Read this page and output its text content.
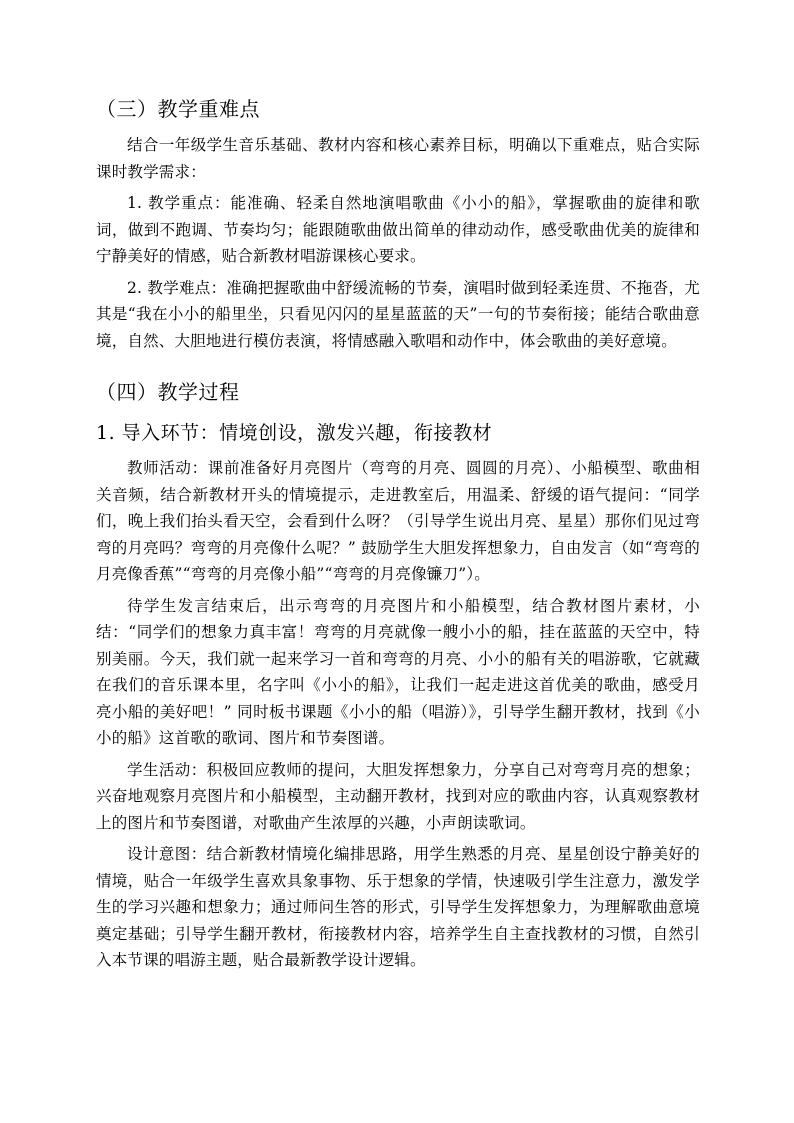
（三）教学重难点

结合一年级学生音乐基础、教材内容和核心素养目标，明确以下重难点，贴合实际课时教学需求：

1. 教学重点：能准确、轻柔自然地演唱歌曲《小小的船》，掌握歌曲的旋律和歌词，做到不跑调、节奏均匀；能跟随歌曲做出简单的律动动作，感受歌曲优美的旋律和宁静美好的情感，贴合新教材唱游课核心要求。

2. 教学难点：准确把握歌曲中舒缓流畅的节奏，演唱时做到轻柔连贯、不拖沓，尤其是“我在小小的船里坐，只看见闪闪的星星蓝蓝的天”一句的节奏衔接；能结合歌曲意境，自然、大胆地进行模仿表演，将情感融入歌唱和动作中，体会歌曲的美好意境。

（四）教学过程
1. 导入环节：情境创设，激发兴趣，衔接教材

教师活动：课前准备好月亮图片（弯弯的月亮、圆圆的月亮）、小船模型、歌曲相关音频，结合新教材开头的情境提示，走进教室后，用温柔、舒缓的语气提问：“同学们，晚上我们抬头看天空，会看到什么呀？（引导学生说出月亮、星星）那你们见过弯弯的月亮吗？弯弯的月亮像什么呢？” 鼓励学生大胆发挥想象力，自由发言（如“弯弯的月亮像香蕉”“弯弯的月亮像小船”“弯弯的月亮像镰刀”）。

待学生发言结束后，出示弯弯的月亮图片和小船模型，结合教材图片素材，小结：“同学们的想象力真丰富！弯弯的月亮就像一艘小小的船，挂在蓝蓝的天空中，特别美丽。今天，我们就一起来学习一首和弯弯的月亮、小小的船有关的唱游歌，它就藏在我们的音乐课本里，名字叫《小小的船》，让我们一起走进这首优美的歌曲，感受月亮小船的美好吧！” 同时板书课题《小小的船（唱游）》，引导学生翻开教材，找到《小小的船》这首歌的歌词、图片和节奏图谱。

学生活动：积极回应教师的提问，大胆发挥想象力，分享自己对弯弯月亮的想象；兴奋地观察月亮图片和小船模型，主动翻开教材，找到对应的歌曲内容，认真观察教材上的图片和节奏图谱，对歌曲产生浓厚的兴趣，小声朗读歌词。

设计意图：结合新教材情境化编排思路，用学生熟悉的月亮、星星创设宁静美好的情境，贴合一年级学生喜欢具象事物、乐于想象的学情，快速吸引学生注意力，激发学生的学习兴趣和想象力；通过师问生答的形式，引导学生发挥想象力，为理解歌曲意境奠定基础；引导学生翻开教材，衔接教材内容，培养学生自主查找教材的习惯，自然引入本节课的唱游主题，贴合最新教学设计逻辑。
